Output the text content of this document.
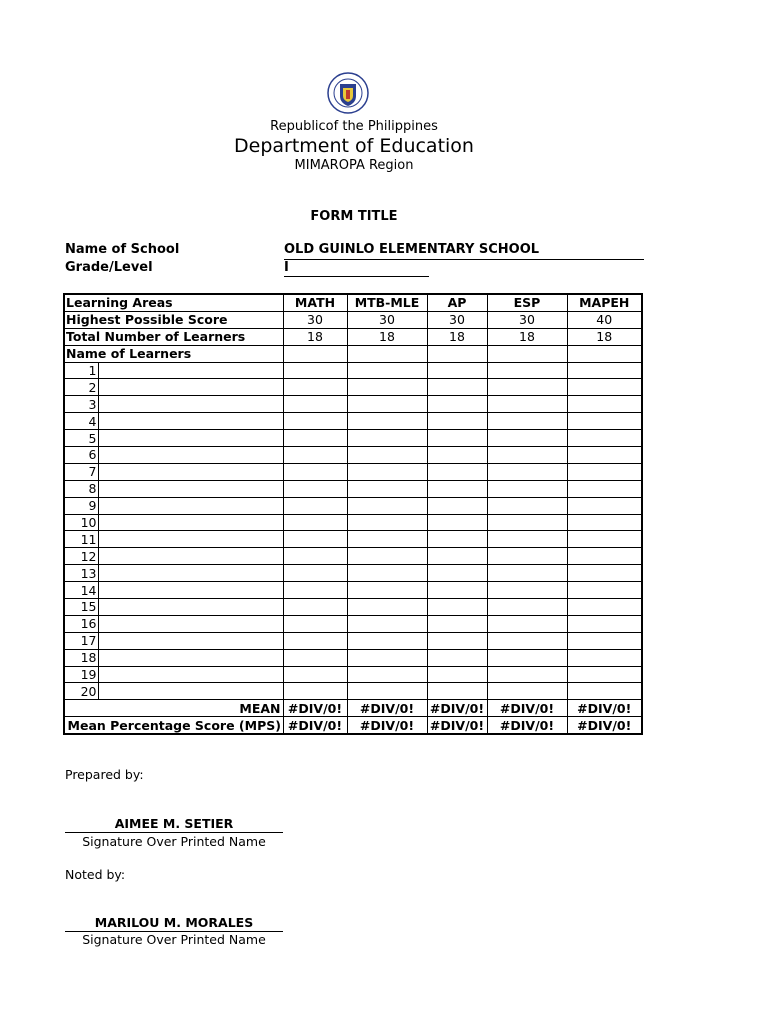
Republicof the Philippines
Department of Education
MIMAROPA Region
FORM TITLE
Name of School	OLD GUINLO ELEMENTARY SCHOOL
Grade/Level	I
Learning Areas		MATH	MTB-MLE	AP	ESP	MAPEH
Highest Possible Score		30	30	30	30	40
Total Number of Learners		18	18	18	18	18
Name of Learners						
1						
2						
3						
4						
5						
6						
7						
8						
9						
10						
11						
12						
13						
14						
15						
16						
17						
18						
19						
20						
MEAN		#DIV/0!	#DIV/0!	#DIV/0!	#DIV/0!	#DIV/0!
Mean Percentage Score (MPS)		#DIV/0!	#DIV/0!	#DIV/0!	#DIV/0!	#DIV/0!
Prepared by:
AIMEE M. SETIER
Signature Over Printed Name
Noted by:
MARILOU M. MORALES
Signature Over Printed Name
